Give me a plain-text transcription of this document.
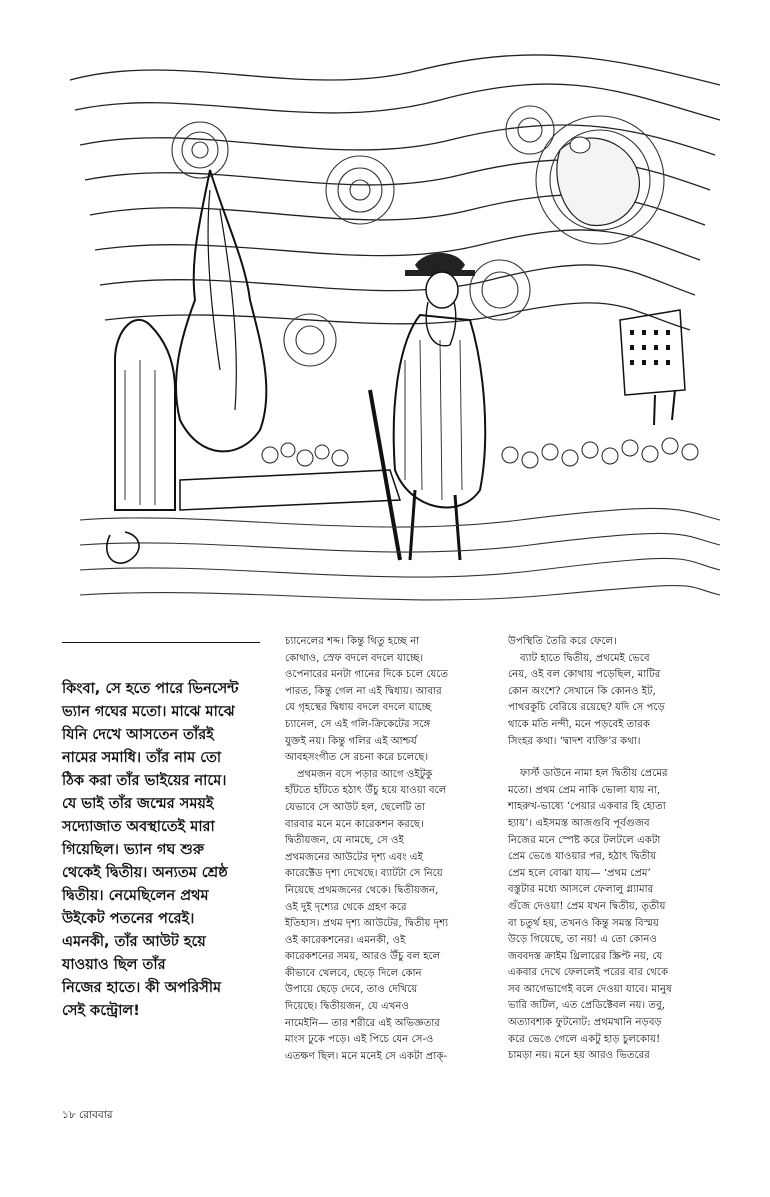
কিংবা, সে হতে পারে ভিনসেন্ট
ভ্যান গঘের মতো। মাঝে মাঝে
যিনি দেখে আসতেন তাঁরই
নামের সমাধি। তাঁর নাম তো
ঠিক করা তাঁর ভাইয়ের নামে।
যে ভাই তাঁর জন্মের সময়ই
সদ্যোজাত অবস্থাতেই মারা
গিয়েছিল। ভ্যান গঘ শুরু
থেকেই দ্বিতীয়। অন্যতম শ্রেষ্ঠ
দ্বিতীয়। নেমেছিলেন প্রথম
উইকেট পতনের পরেই।
এমনকী, তাঁর আউট হয়ে
যাওয়াও ছিল তাঁর
নিজের হাতে। কী অপরিসীম
সেই কন্ট্রোল!

চ্যানেলের শব্দ। কিন্তু থিতু হচ্ছে না
কোথাও, স্রেফ বদলে বদলে যাচ্ছে।
ওপেনারের মনটা গানের দিকে চলে যেতে
পারত, কিন্তু গেল না এই দ্বিধায়। আবার
যে গৃহস্থের দ্বিধায় বদলে বদলে যাচ্ছে
চ্যানেল, সে এই গলি-ক্রিকেটের সঙ্গে
যুক্তই নয়। কিন্তু গলির এই আশ্চর্য
আবহসংগীত সে রচনা করে চলেছে।

প্রথমজন বসে পড়ার আগে ওইটুকু
হাঁটতে হাঁটতে হঠাৎ উঁচু হয়ে যাওয়া বলে
যেভাবে সে আউট হল, ছেলেটি তা
বারবার মনে মনে কারেকশন করছে।
দ্বিতীয়জন, যে নামছে, সে ওই
প্রথমজনের আউটের দৃশ্য এবং এই
কারেক্টেড দৃশ্য দেখেছে। ব্যাটটা সে নিয়ে
নিয়েছে প্রথমজনের থেকে। দ্বিতীয়জন,
ওই দুই দৃশ্যের থেকে গ্রহণ করে
ইতিহাস। প্রথম দৃশ্য আউটের, দ্বিতীয় দৃশ্য
ওই কারেকশনের। এমনকী, ওই
কারেকশনের সময়, আরও উঁচু বল হলে
কীভাবে খেলবে, ছেড়ে দিলে কোন
উপায়ে ছেড়ে দেবে, তাও দেখিয়ে
দিয়েছে। দ্বিতীয়জন, যে এখনও
নামেইনি— তার শরীরে এই অভিজ্ঞতার
মাংস ঢুকে পড়ে। এই পিচে যেন সে-ও
এতক্ষণ ছিল। মনে মনেই সে একটা প্রাক্-

উপস্থিতি তৈরি করে ফেলে।

ব্যাট হাতে দ্বিতীয়, প্রথমেই ভেবে
নেয়, ওই বল কোথায় পড়েছিল, মাটির
কোন অংশে? সেখানে কি কোনও ইট,
পাথরকুচি বেরিয়ে রয়েছে? যদি সে পড়ে
থাকে মতি নন্দী, মনে পড়বেই তারক
সিংহর কথা। ‘দ্বাদশ ব্যক্তি’র কথা।

ফার্স্ট ডাউনে নামা হল দ্বিতীয় প্রেমের
মতো। প্রথম প্রেম নাকি ভোলা যায় না,
শাহরুখ-ভাষ্যে ‘পেয়ার একবার হি হোতা
হ্যায়’। এইসমস্ত আজগুবি পূর্বগুজব
নিজের মনে স্পেষ্ট করে টলটলে একটা
প্রেম ভেঙে যাওয়ার পর, হঠাৎ দ্বিতীয়
প্রেম হলে বোঝা যায়— ‘প্রথম প্রেম’
বস্তুটার মধ্যে আসলে ফেলালু গ্ল্যামার
গুঁজে দেওয়া! প্রেম যখন দ্বিতীয়, তৃতীয়
বা চতুর্থ হয়, তখনও কিন্তু সমস্ত বিস্ময়
উড়ে গিয়েছে, তা নয়! এ তো কোনও
জববদস্ত ক্রাইম থ্রিলারের স্ক্রিপ্ট নয়, যে
একবার দেখে ফেললেই পরের বার থেকে
সব আগেভাগেই বলে দেওয়া যাবে। মানুষ
ভারি জটিল, এত প্রেডিক্টেবল নয়। তবু,
অত্যাবশ্যক ফুটনোট: প্রথমখানি নড়বড়
করে ভেঙে গেলে একটু হাড় চুলকোয়!
চামড়া নয়। মনে হয় আরও ভিতরের

১৮ রোববার
